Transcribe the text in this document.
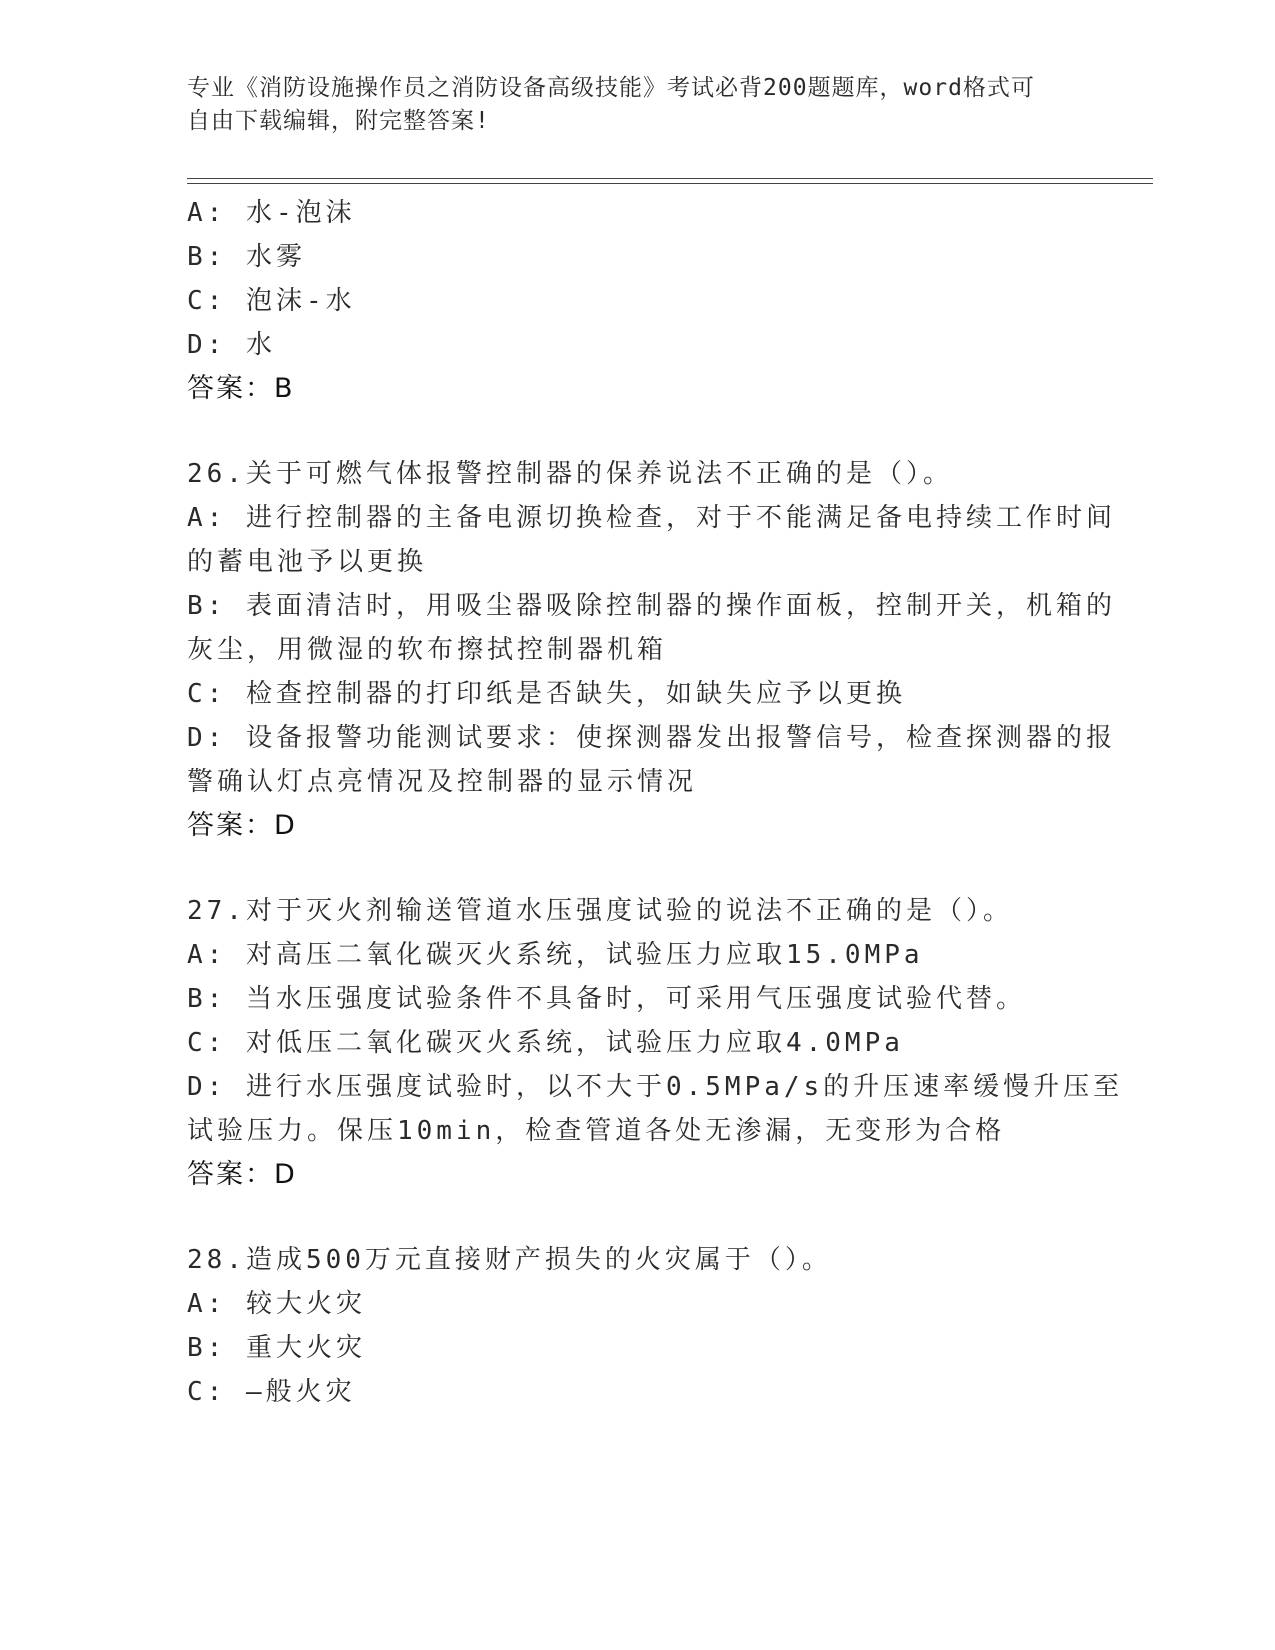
专业《消防设施操作员之消防设备高级技能》考试必背200题题库，word格式可
自由下载编辑，附完整答案!
A: 水-泡沫
B: 水雾
C: 泡沫-水
D: 水
答案：B
26.关于可燃气体报警控制器的保养说法不正确的是（）。
A: 进行控制器的主备电源切换检查，对于不能满足备电持续工作时间
的蓄电池予以更换
B: 表面清洁时，用吸尘器吸除控制器的操作面板，控制开关，机箱的
灰尘，用微湿的软布擦拭控制器机箱
C: 检查控制器的打印纸是否缺失，如缺失应予以更换
D: 设备报警功能测试要求：使探测器发出报警信号，检查探测器的报
警确认灯点亮情况及控制器的显示情况
答案：D
27.对于灭火剂输送管道水压强度试验的说法不正确的是（）。
A: 对高压二氧化碳灭火系统，试验压力应取15.0MPa
B: 当水压强度试验条件不具备时，可采用气压强度试验代替。
C: 对低压二氧化碳灭火系统，试验压力应取4.0MPa
D: 进行水压强度试验时，以不大于0.5MPa/s的升压速率缓慢升压至
试验压力。保压10min，检查管道各处无渗漏，无变形为合格
答案：D
28.造成500万元直接财产损失的火灾属于（）。
A: 较大火灾
B: 重大火灾
C: —般火灾
